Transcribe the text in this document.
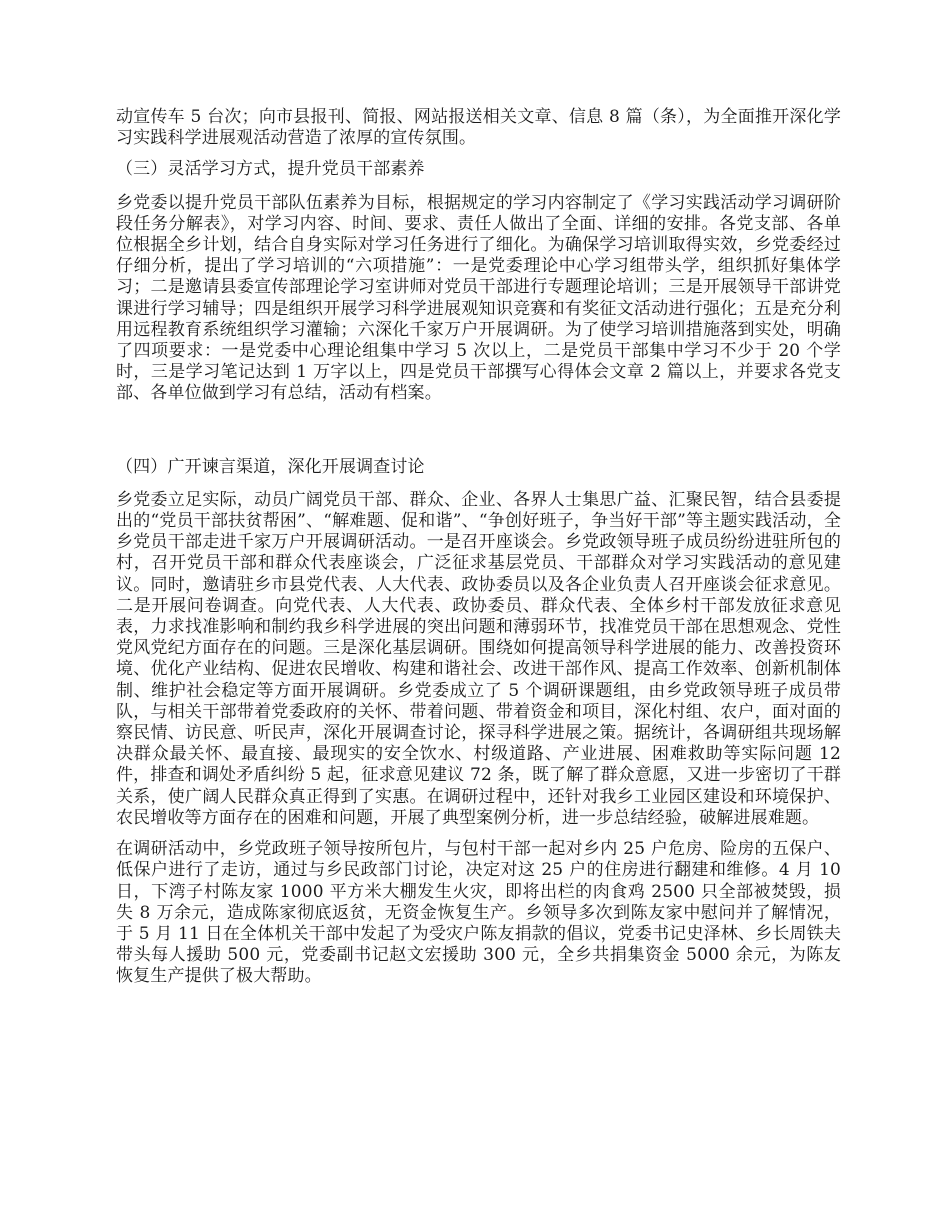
动宣传车 5 台次；向市县报刊、简报、网站报送相关文章、信息 8 篇（条），为全面推开深化学习实践科学进展观活动营造了浓厚的宣传氛围。

（三）灵活学习方式，提升党员干部素养

乡党委以提升党员干部队伍素养为目标，根据规定的学习内容制定了《学习实践活动学习调研阶段任务分解表》，对学习内容、时间、要求、责任人做出了全面、详细的安排。各党支部、各单位根据全乡计划，结合自身实际对学习任务进行了细化。为确保学习培训取得实效，乡党委经过仔细分析，提出了学习培训的“六项措施”：一是党委理论中心学习组带头学，组织抓好集体学习；二是邀请县委宣传部理论学习室讲师对党员干部进行专题理论培训；三是开展领导干部讲党课进行学习辅导；四是组织开展学习科学进展观知识竞赛和有奖征文活动进行强化；五是充分利用远程教育系统组织学习灌输；六深化千家万户开展调研。为了使学习培训措施落到实处，明确了四项要求：一是党委中心理论组集中学习 5 次以上，二是党员干部集中学习不少于 20 个学时，三是学习笔记达到 1 万字以上，四是党员干部撰写心得体会文章 2 篇以上，并要求各党支部、各单位做到学习有总结，活动有档案。

（四）广开谏言渠道，深化开展调查讨论

乡党委立足实际，动员广阔党员干部、群众、企业、各界人士集思广益、汇聚民智，结合县委提出的“党员干部扶贫帮困”、“解难题、促和谐”、“争创好班子，争当好干部”等主题实践活动，全乡党员干部走进千家万户开展调研活动。一是召开座谈会。乡党政领导班子成员纷纷进驻所包的村，召开党员干部和群众代表座谈会，广泛征求基层党员、干部群众对学习实践活动的意见建议。同时，邀请驻乡市县党代表、人大代表、政协委员以及各企业负责人召开座谈会征求意见。二是开展问卷调查。向党代表、人大代表、政协委员、群众代表、全体乡村干部发放征求意见表，力求找准影响和制约我乡科学进展的突出问题和薄弱环节，找准党员干部在思想观念、党性党风党纪方面存在的问题。三是深化基层调研。围绕如何提高领导科学进展的能力、改善投资环境、优化产业结构、促进农民增收、构建和谐社会、改进干部作风、提高工作效率、创新机制体制、维护社会稳定等方面开展调研。乡党委成立了 5 个调研课题组，由乡党政领导班子成员带队，与相关干部带着党委政府的关怀、带着问题、带着资金和项目，深化村组、农户，面对面的察民情、访民意、听民声，深化开展调查讨论，探寻科学进展之策。据统计，各调研组共现场解决群众最关怀、最直接、最现实的安全饮水、村级道路、产业进展、困难救助等实际问题 12 件，排查和调处矛盾纠纷 5 起，征求意见建议 72 条，既了解了群众意愿，又进一步密切了干群关系，使广阔人民群众真正得到了实惠。在调研过程中，还针对我乡工业园区建设和环境保护、农民增收等方面存在的困难和问题，开展了典型案例分析，进一步总结经验，破解进展难题。

在调研活动中，乡党政班子领导按所包片，与包村干部一起对乡内 25 户危房、险房的五保户、低保户进行了走访，通过与乡民政部门讨论，决定对这 25 户的住房进行翻建和维修。4 月 10 日，下湾子村陈友家 1000 平方米大棚发生火灾，即将出栏的肉食鸡 2500 只全部被焚毁，损失 8 万余元，造成陈家彻底返贫，无资金恢复生产。乡领导多次到陈友家中慰问并了解情况，于 5 月 11 日在全体机关干部中发起了为受灾户陈友捐款的倡议，党委书记史泽林、乡长周铁夫带头每人援助 500 元，党委副书记赵文宏援助 300 元，全乡共捐集资金 5000 余元，为陈友恢复生产提供了极大帮助。
